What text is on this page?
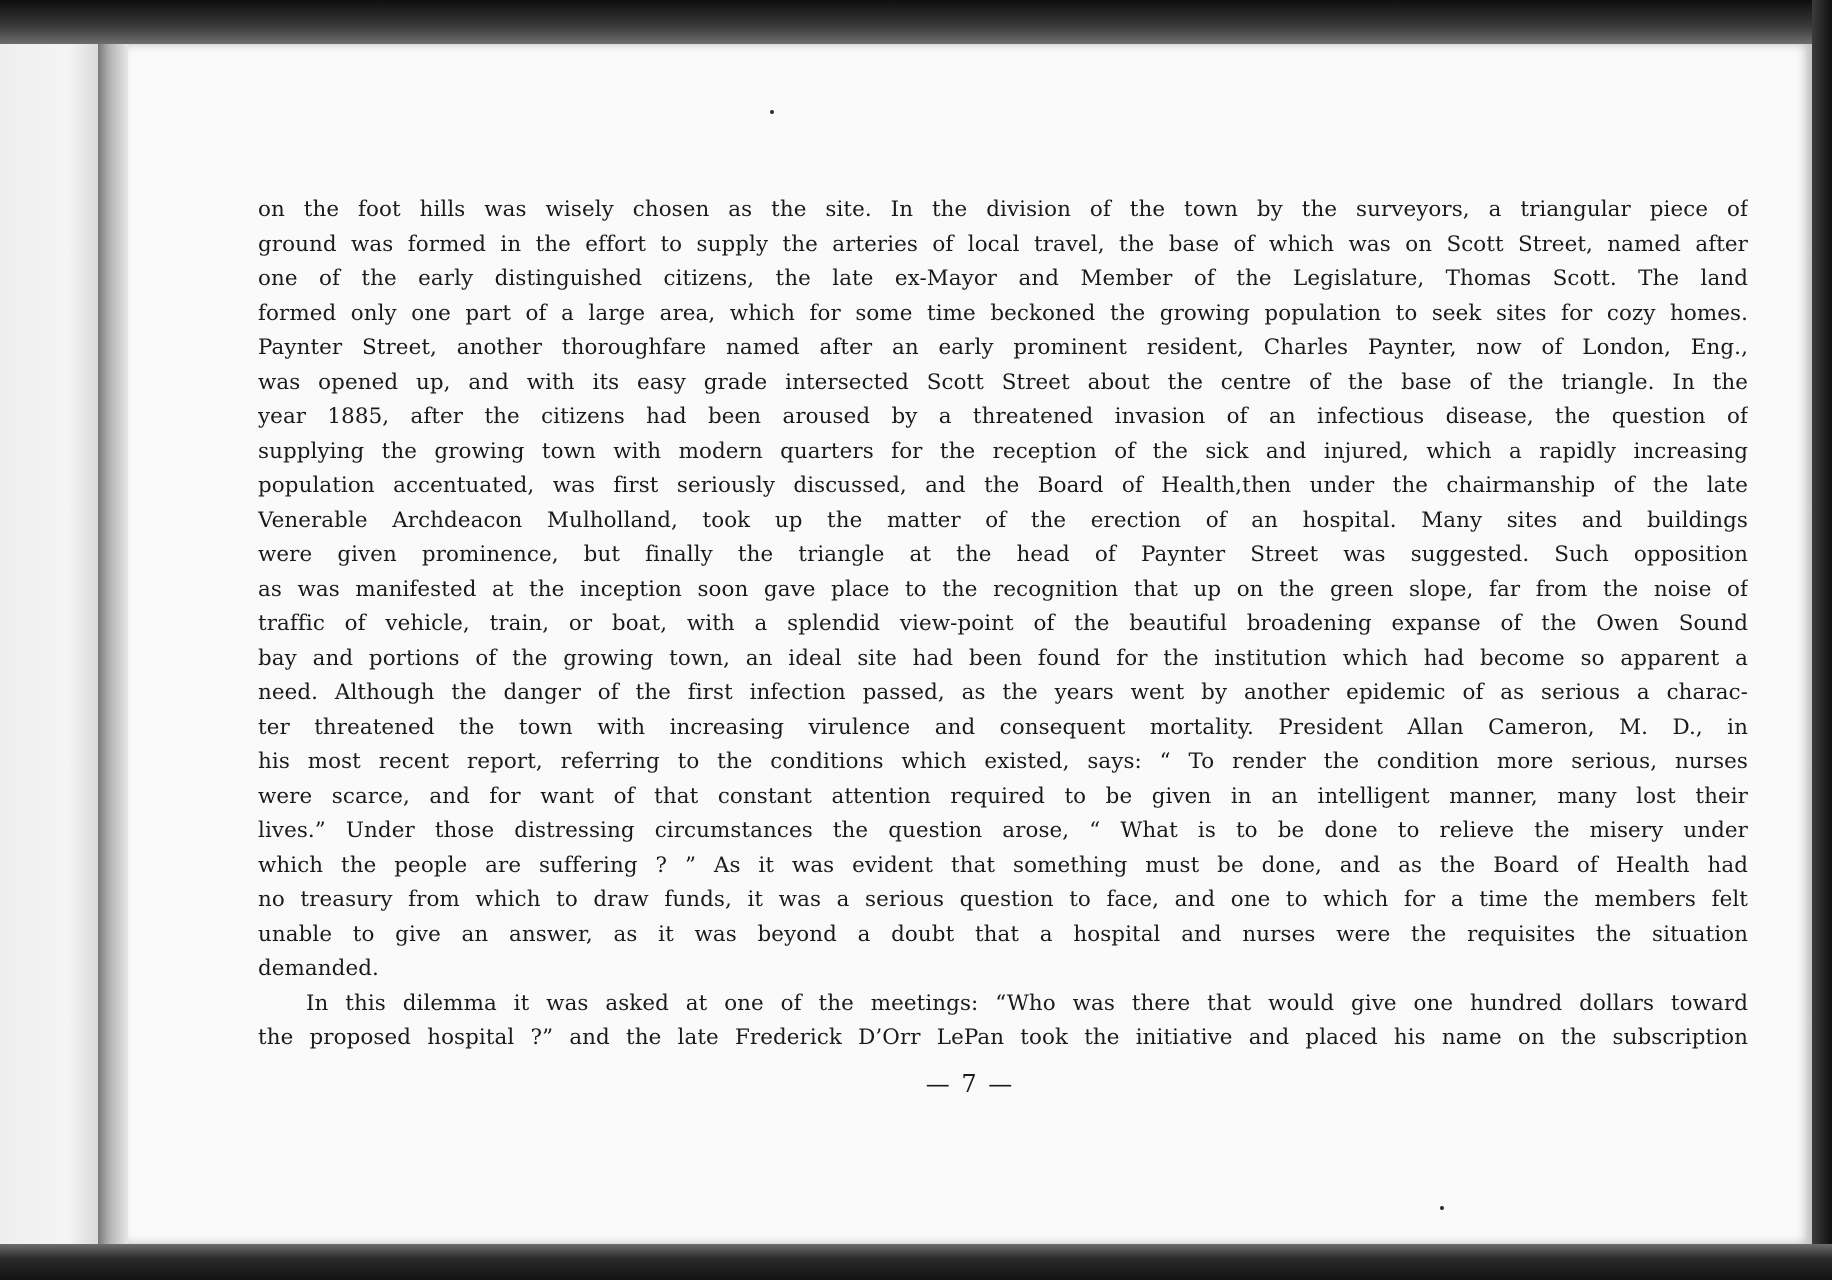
on the foot hills was wisely chosen as the site. In the division of the town by the surveyors, a triangular piece of
ground was formed in the effort to supply the arteries of local travel, the base of which was on Scott Street, named after
one of the early distinguished citizens, the late ex-Mayor and Member of the Legislature, Thomas Scott. The land
formed only one part of a large area, which for some time beckoned the growing population to seek sites for cozy homes.
Paynter Street, another thoroughfare named after an early prominent resident, Charles Paynter, now of London, Eng.,
was opened up, and with its easy grade intersected Scott Street about the centre of the base of the triangle. In the
year 1885, after the citizens had been aroused by a threatened invasion of an infectious disease, the question of
supplying the growing town with modern quarters for the reception of the sick and injured, which a rapidly increasing
population accentuated, was first seriously discussed, and the Board of Health,then under the chairmanship of the late
Venerable Archdeacon Mulholland, took up the matter of the erection of an hospital. Many sites and buildings
were given prominence, but finally the triangle at the head of Paynter Street was suggested. Such opposition
as was manifested at the inception soon gave place to the recognition that up on the green slope, far from the noise of
traffic of vehicle, train, or boat, with a splendid view-point of the beautiful broadening expanse of the Owen Sound
bay and portions of the growing town, an ideal site had been found for the institution which had become so apparent a
need. Although the danger of the first infection passed, as the years went by another epidemic of as serious a charac-
ter threatened the town with increasing virulence and consequent mortality. President Allan Cameron, M. D., in
his most recent report, referring to the conditions which existed, says: “ To render the condition more serious, nurses
were scarce, and for want of that constant attention required to be given in an intelligent manner, many lost their
lives.” Under those distressing circumstances the question arose, “ What is to be done to relieve the misery under
which the people are suffering ? ” As it was evident that something must be done, and as the Board of Health had
no treasury from which to draw funds, it was a serious question to face, and one to which for a time the members felt
unable to give an answer, as it was beyond a doubt that a hospital and nurses were the requisites the situation
demanded.
In this dilemma it was asked at one of the meetings: “Who was there that would give one hundred dollars toward
the proposed hospital ?” and the late Frederick D’Orr LePan took the initiative and placed his name on the subscription
— 7 —
